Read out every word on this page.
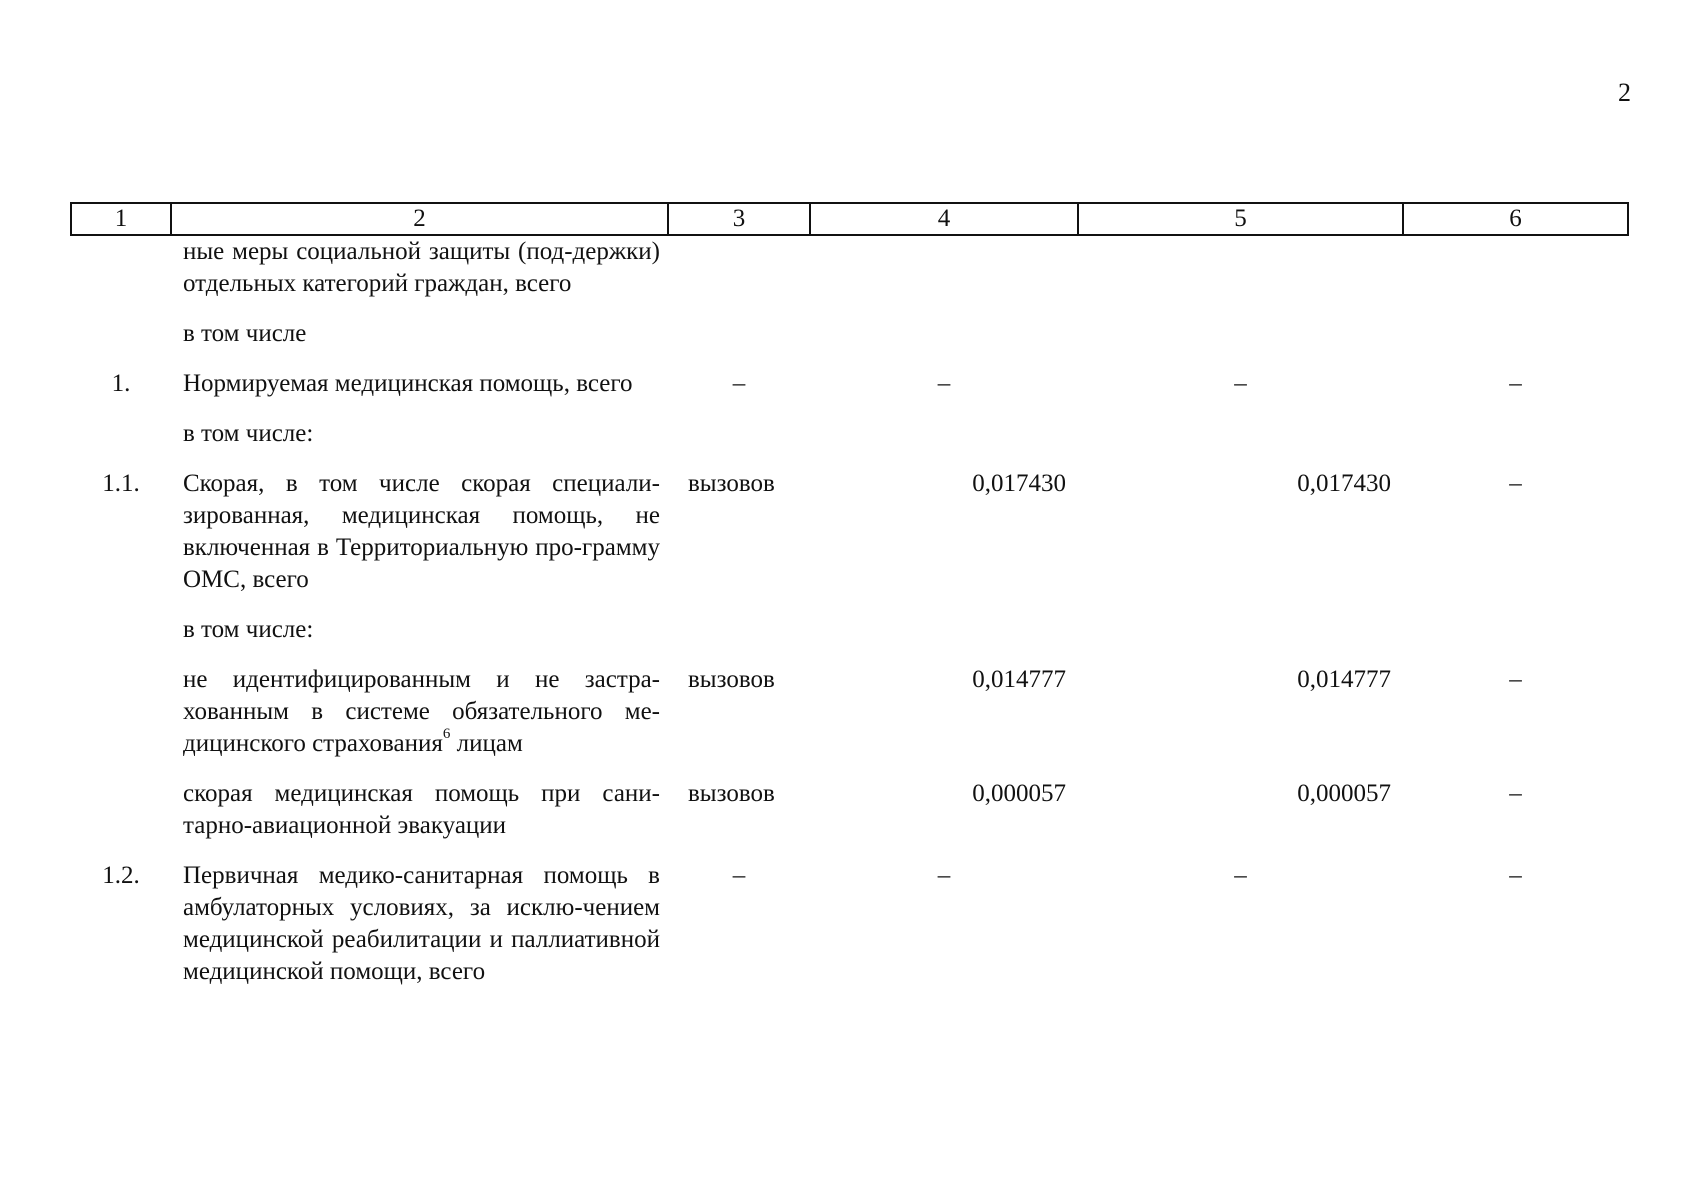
2
1	2	3	4	5	6
	ные меры социальной защиты (под-держки) отдельных категорий граждан, всего				
	в том числе				
1.	Нормируемая медицинская помощь, всего	–	–	–	–
	в том числе:				
1.1.	Скорая, в том числе скорая специали-зированная, медицинская помощь, не включенная в Территориальную про-грамму ОМС, всего	вызовов	0,017430	0,017430	–
	в том числе:				
	не идентифицированным и не застра-хованным в системе обязательного ме-дицинского страхования$^6$ лицам	вызовов	0,014777	0,014777	–
	скорая медицинская помощь при сани-тарно-авиационной эвакуации	вызовов	0,000057	0,000057	–
1.2.	Первичная медико-санитарная помощь в амбулаторных условиях, за исклю-чением медицинской реабилитации и паллиативной медицинской помощи, всего	–	–	–	–
